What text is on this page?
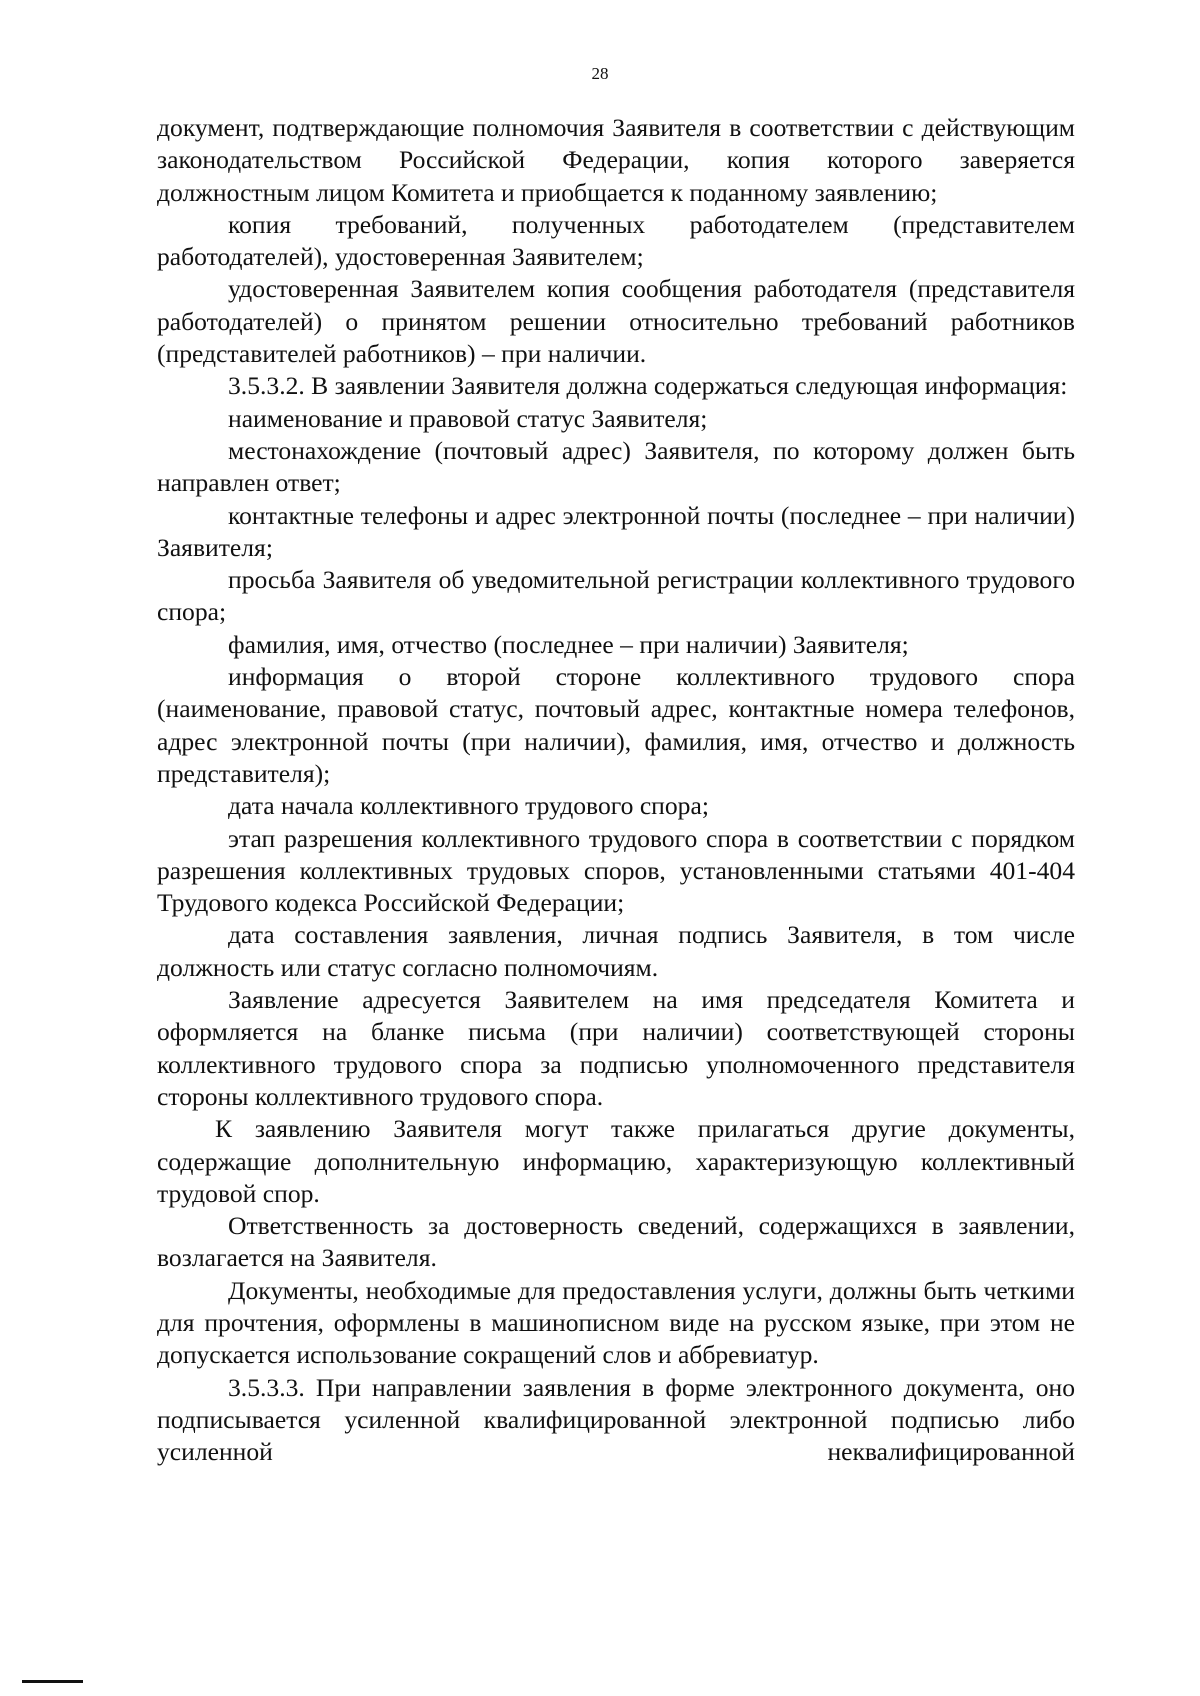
28

документ, подтверждающие полномочия Заявителя в соответствии с действующим законодательством Российской Федерации, копия которого заверяется должностным лицом Комитета и приобщается к поданному заявлению;

копия требований, полученных работодателем (представителем работодателей), удостоверенная Заявителем;

удостоверенная Заявителем копия сообщения работодателя (представителя работодателей) о принятом решении относительно требований работников (представителей работников) – при наличии.

3.5.3.2. В заявлении Заявителя должна содержаться следующая информация:

наименование и правовой статус Заявителя;

местонахождение (почтовый адрес) Заявителя, по которому должен быть направлен ответ;

контактные телефоны и адрес электронной почты (последнее – при наличии) Заявителя;

просьба Заявителя об уведомительной регистрации коллективного трудового спора;

фамилия, имя, отчество (последнее – при наличии) Заявителя;

информация о второй стороне коллективного трудового спора (наименование, правовой статус, почтовый адрес, контактные номера телефонов, адрес электронной почты (при наличии), фамилия, имя, отчество и должность представителя);

дата начала коллективного трудового спора;

этап разрешения коллективного трудового спора в соответствии с порядком разрешения коллективных трудовых споров, установленными статьями 401-404 Трудового кодекса Российской Федерации;

дата составления заявления, личная подпись Заявителя, в том числе должность или статус согласно полномочиям.

Заявление адресуется Заявителем на имя председателя Комитета и оформляется на бланке письма (при наличии) соответствующей стороны коллективного трудового спора за подписью уполномоченного представителя стороны коллективного трудового спора.

К заявлению Заявителя могут также прилагаться другие документы, содержащие дополнительную информацию, характеризующую коллективный трудовой спор.

Ответственность за достоверность сведений, содержащихся в заявлении, возлагается на Заявителя.

Документы, необходимые для предоставления услуги, должны быть четкими для прочтения, оформлены в машинописном виде на русском языке, при этом не допускается использование сокращений слов и аббревиатур.

3.5.3.3. При направлении заявления в форме электронного документа, оно подписывается усиленной квалифицированной электронной подписью либо усиленной неквалифицированной
